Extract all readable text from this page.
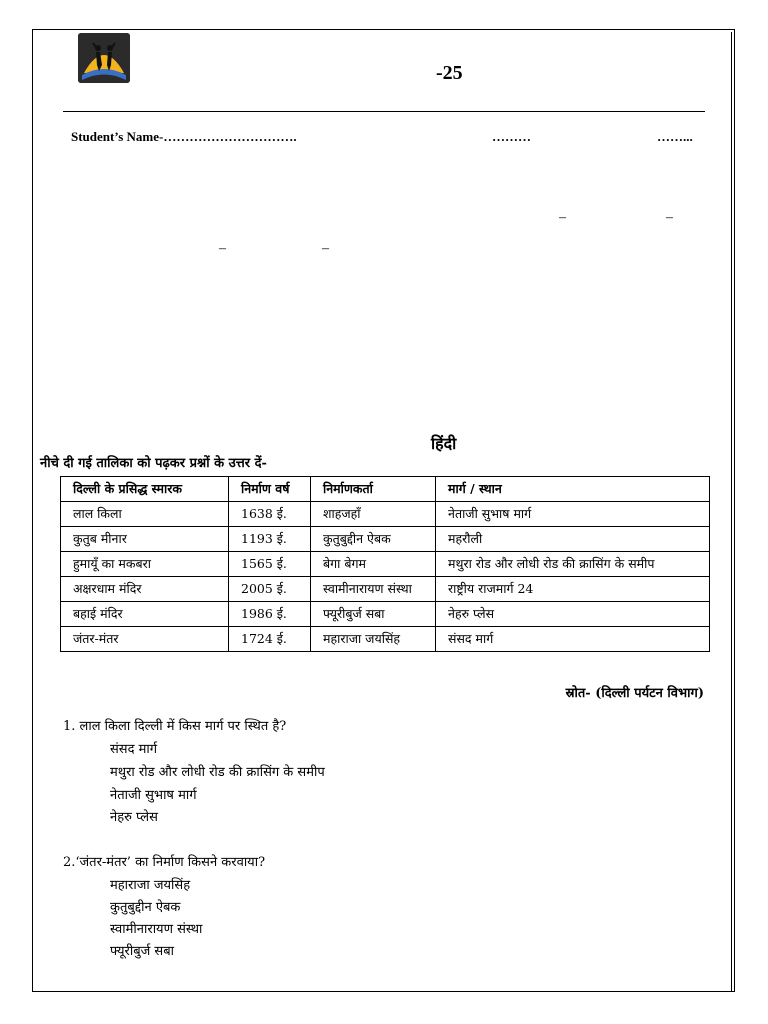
-25
Student’s Name-………………………….	………	……...
–	–
–	–
हिंदी
नीचे दी गई तालिका को पढ़कर प्रश्नों के उत्तर दें-
दिल्ली के प्रसिद्ध स्मारक	निर्माण वर्ष	निर्माणकर्ता	मार्ग / स्थान
लाल किला	1638 ई.	शाहजहाँ	नेताजी सुभाष मार्ग
कुतुब मीनार	1193 ई.	कुतुबुद्दीन ऐबक	महरौली
हुमायूँ का मकबरा	1565 ई.	बेगा बेगम	मथुरा रोड और लोधी रोड की क्रासिंग के समीप
अक्षरधाम मंदिर	2005 ई.	स्वामीनारायण संस्था	राष्ट्रीय राजमार्ग 24
बहाई मंदिर	1986 ई.	फ्यूरीबुर्ज सबा	नेहरु प्लेस
जंतर-मंतर	1724 ई.	महाराजा जयसिंह	संसद मार्ग
स्रोत- (दिल्ली पर्यटन विभाग)
1. लाल किला दिल्ली में किस मार्ग पर स्थित है?
संसद मार्ग
मथुरा रोड और लोधी रोड की क्रासिंग के समीप
नेताजी सुभाष मार्ग
नेहरु प्लेस
2.‘जंतर-मंतर’ का निर्माण किसने करवाया?
महाराजा जयसिंह
कुतुबुद्दीन ऐबक
स्वामीनारायण संस्था
फ्यूरीबुर्ज सबा
